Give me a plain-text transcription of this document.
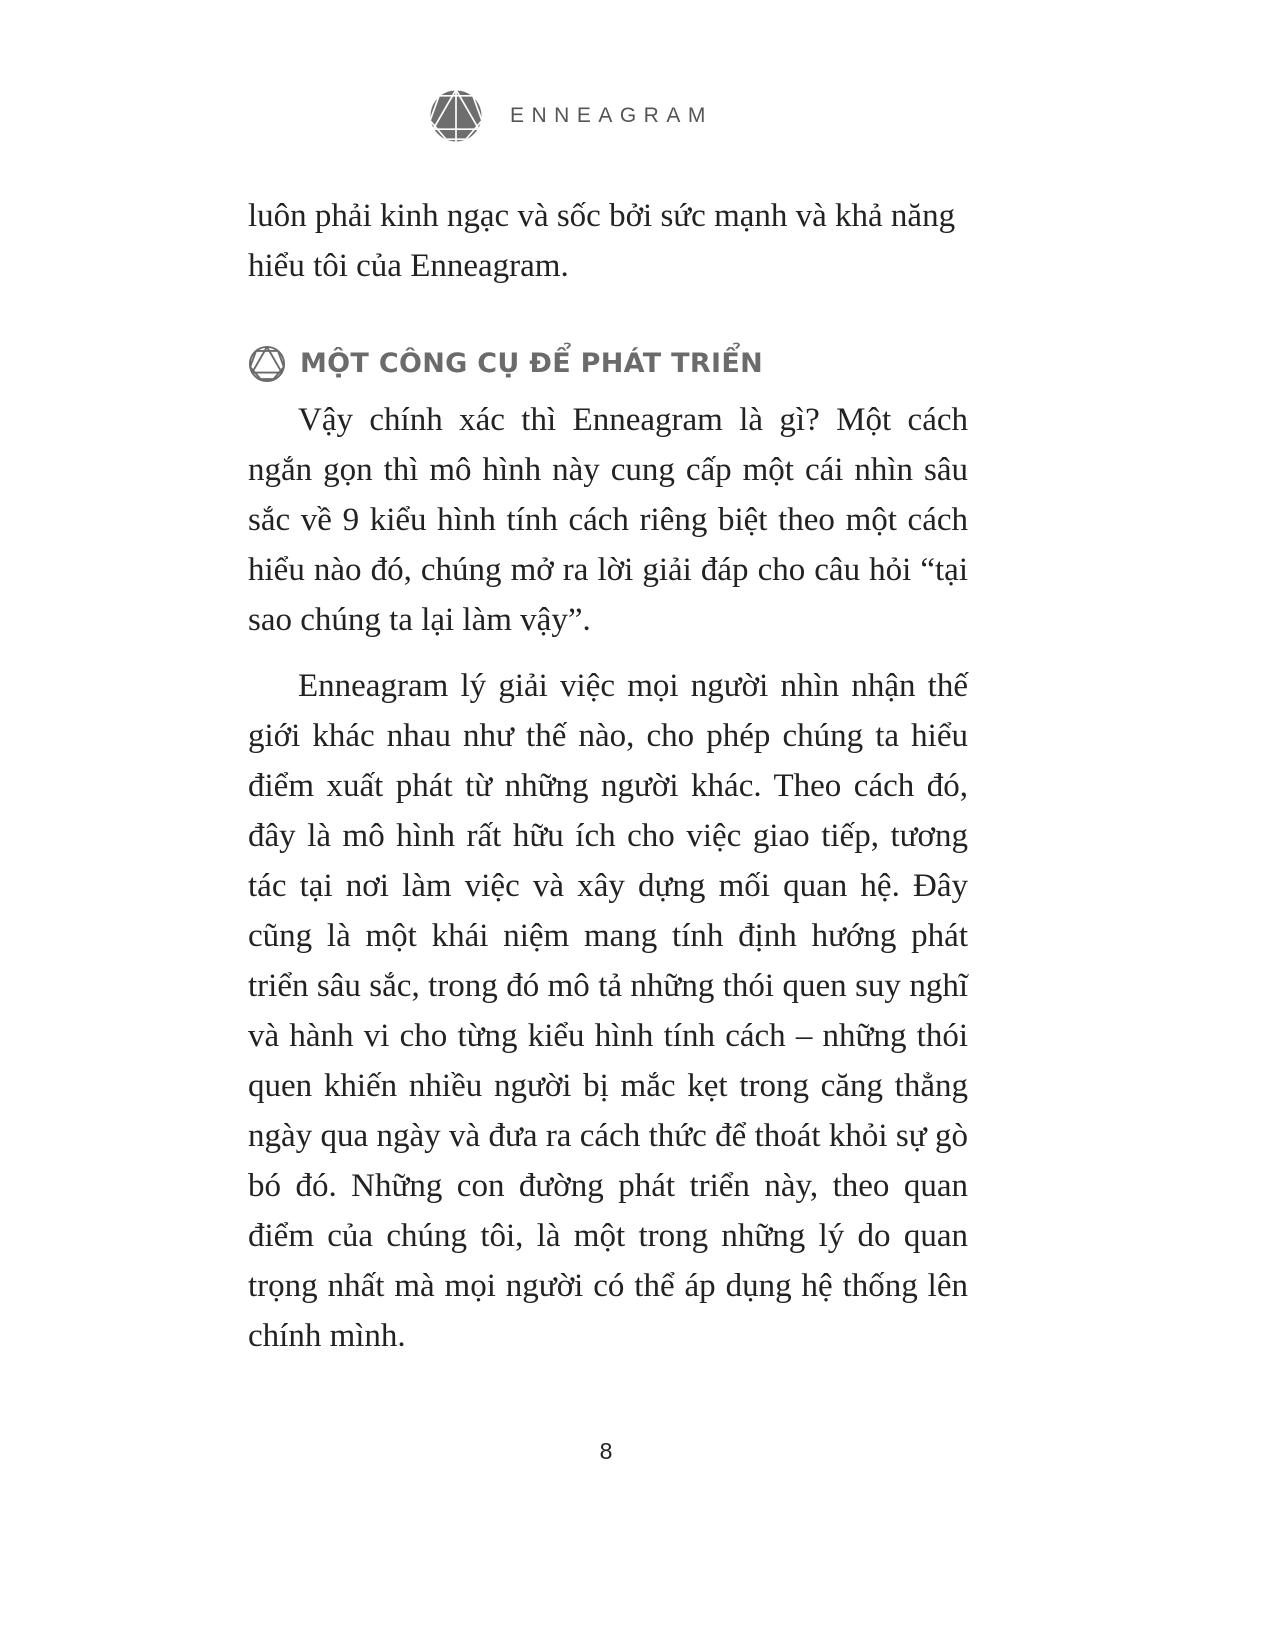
ENNEAGRAM

luôn phải kinh ngạc và sốc bởi sức mạnh và khả năng hiểu tôi của Enneagram.

MỘT CÔNG CỤ ĐỂ PHÁT TRIỂN

Vậy chính xác thì Enneagram là gì? Một cách ngắn gọn thì mô hình này cung cấp một cái nhìn sâu sắc về 9 kiểu hình tính cách riêng biệt theo một cách hiểu nào đó, chúng mở ra lời giải đáp cho câu hỏi “tại sao chúng ta lại làm vậy”.

Enneagram lý giải việc mọi người nhìn nhận thế giới khác nhau như thế nào, cho phép chúng ta hiểu điểm xuất phát từ những người khác. Theo cách đó, đây là mô hình rất hữu ích cho việc giao tiếp, tương tác tại nơi làm việc và xây dựng mối quan hệ. Đây cũng là một khái niệm mang tính định hướng phát triển sâu sắc, trong đó mô tả những thói quen suy nghĩ và hành vi cho từng kiểu hình tính cách – những thói quen khiến nhiều người bị mắc kẹt trong căng thẳng ngày qua ngày và đưa ra cách thức để thoát khỏi sự gò bó đó. Những con đường phát triển này, theo quan điểm của chúng tôi, là một trong những lý do quan trọng nhất mà mọi người có thể áp dụng hệ thống lên chính mình.

8
